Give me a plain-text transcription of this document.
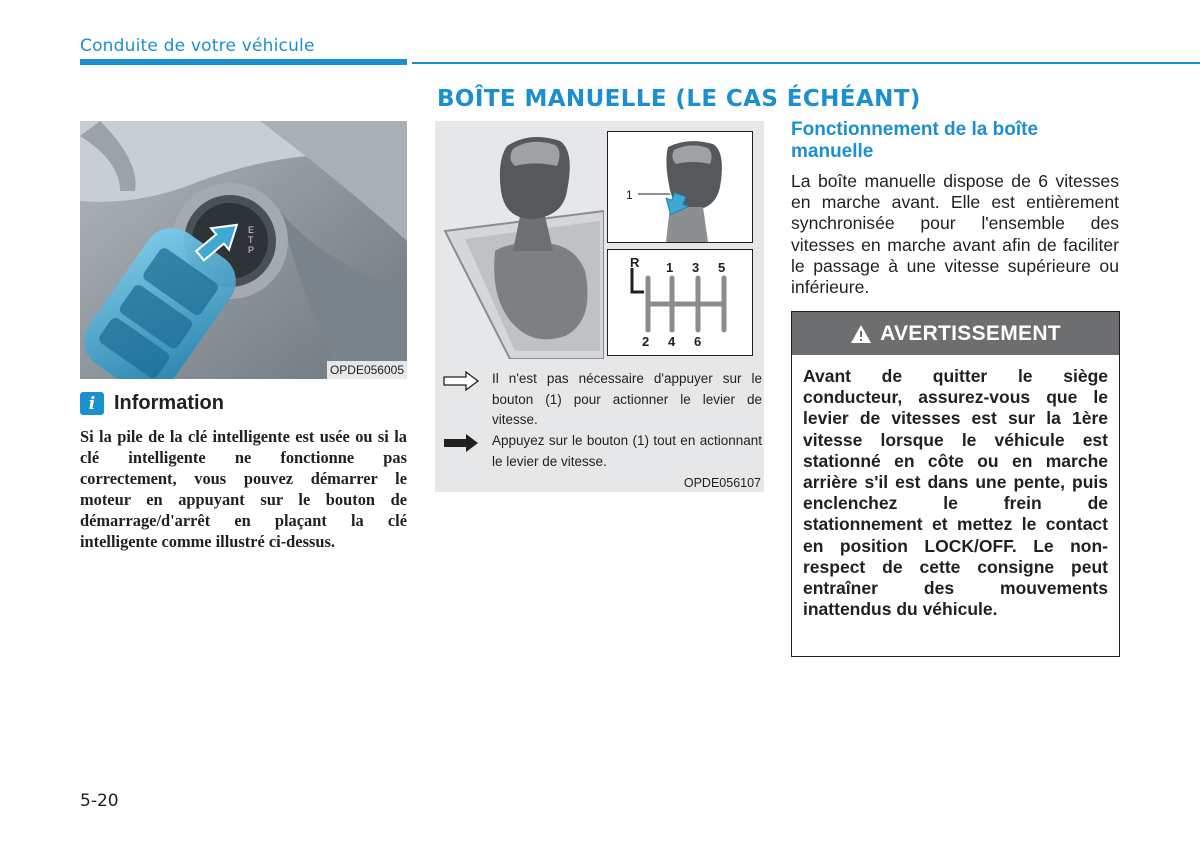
Conduite de votre véhicule
BOÎTE MANUELLE (LE CAS ÉCHÉANT)
E
T
P
OPDE056005
i Information
Si la pile de la clé intelligente est usée ou si la clé intelligente ne fonctionne pas correctement, vous pouvez démarrer le moteur en appuyant sur le bouton de démarrage/d'arrêt en plaçant la clé intelligente comme illustré ci-dessus.
OPDE056107
1
R 1 3 5
2 4 6
Il n'est pas nécessaire d'appuyer sur le bouton (1) pour actionner le levier de vitesse.
Appuyez sur le bouton (1) tout en actionnant le levier de vitesse.
Fonctionnement de la boîte manuelle
La boîte manuelle dispose de 6 vitesses en marche avant. Elle est entièrement synchronisée pour l'ensemble des vitesses en marche avant afin de faciliter le passage à une vitesse supérieure ou inférieure.
AVERTISSEMENT
Avant de quitter le siège conducteur, assurez-vous que le levier de vitesses est sur la 1ère vitesse lorsque le véhicule est stationné en côte ou en marche arrière s'il est dans une pente, puis enclenchez le frein de stationnement et mettez le contact en position LOCK/OFF. Le non-respect de cette consigne peut entraîner des mouvements inattendus du véhicule.
5-20
